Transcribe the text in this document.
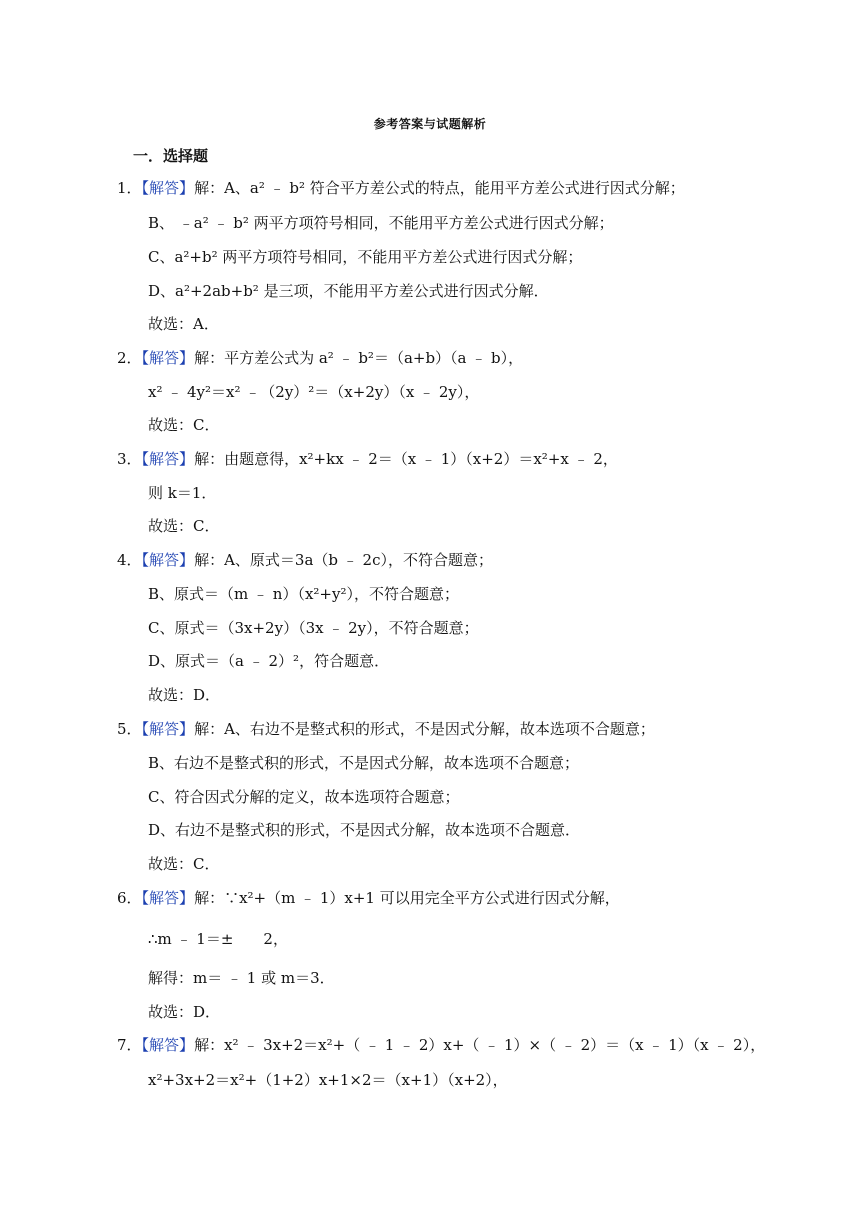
参考答案与试题解析
一．选择题
1．【解答】解：A、a² ﹣ b² 符合平方差公式的特点，能用平方差公式进行因式分解；
B、 ﹣a² ﹣ b² 两平方项符号相同，不能用平方差公式进行因式分解；
C、a²+b² 两平方项符号相同，不能用平方差公式进行因式分解；
D、a²+2ab+b² 是三项，不能用平方差公式进行因式分解．
故选：A．
2．【解答】解：平方差公式为 a² ﹣ b²＝（a+b）（a ﹣ b），
x² ﹣ 4y²＝x² ﹣（2y）²＝（x+2y）（x ﹣ 2y），
故选：C．
3．【解答】解：由题意得，x²+kx ﹣ 2＝（x ﹣ 1）（x+2）＝x²+x ﹣ 2，
则 k＝1．
故选：C．
4．【解答】解：A、原式＝3a（b ﹣ 2c），不符合题意；
B、原式＝（m ﹣ n）（x²+y²），不符合题意；
C、原式＝（3x+2y）（3x ﹣ 2y），不符合题意；
D、原式＝（a ﹣ 2）²，符合题意．
故选：D．
5．【解答】解：A、右边不是整式积的形式，不是因式分解，故本选项不合题意；
B、右边不是整式积的形式，不是因式分解，故本选项不合题意；
C、符合因式分解的定义，故本选项符合题意；
D、右边不是整式积的形式，不是因式分解，故本选项不合题意．
故选：C．
6．【解答】解：∵x²+（m ﹣ 1）x+1 可以用完全平方公式进行因式分解，
∴m ﹣ 1＝±　　2，
解得：m＝ ﹣ 1 或 m＝3．
故选：D．
7．【解答】解：x² ﹣ 3x+2＝x²+（ ﹣ 1 ﹣ 2）x+（ ﹣ 1）×（ ﹣ 2）＝（x ﹣ 1）（x ﹣ 2），
x²+3x+2＝x²+（1+2）x+1×2＝（x+1）（x+2），
